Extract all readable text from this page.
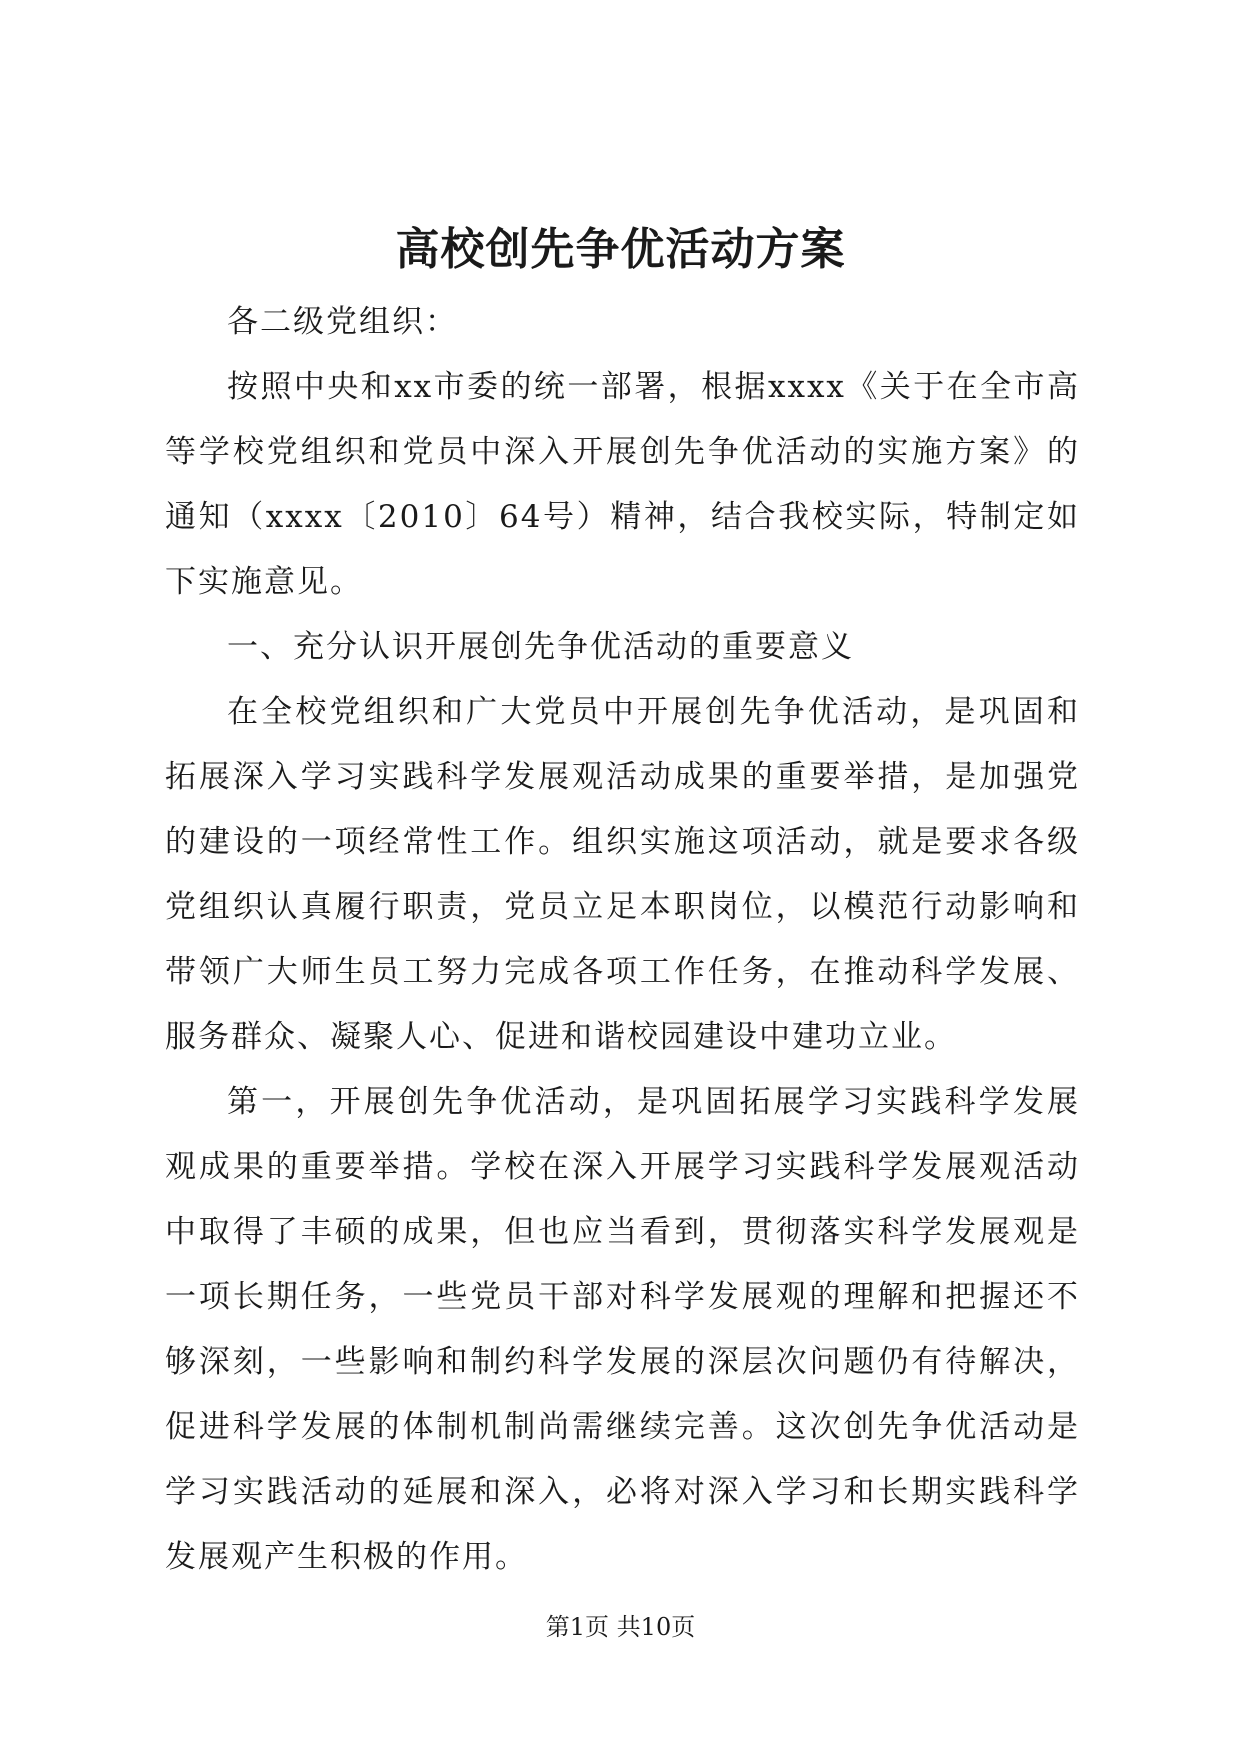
高校创先争优活动方案

各二级党组织：

按照中央和xx市委的统一部署，根据xxxx《关于在全市高等学校党组织和党员中深入开展创先争优活动的实施方案》的通知（xxxx〔2010〕64号）精神，结合我校实际，特制定如下实施意见。

一、充分认识开展创先争优活动的重要意义

在全校党组织和广大党员中开展创先争优活动，是巩固和拓展深入学习实践科学发展观活动成果的重要举措，是加强党的建设的一项经常性工作。组织实施这项活动，就是要求各级党组织认真履行职责，党员立足本职岗位，以模范行动影响和带领广大师生员工努力完成各项工作任务，在推动科学发展、服务群众、凝聚人心、促进和谐校园建设中建功立业。

第一，开展创先争优活动，是巩固拓展学习实践科学发展观成果的重要举措。学校在深入开展学习实践科学发展观活动中取得了丰硕的成果，但也应当看到，贯彻落实科学发展观是一项长期任务，一些党员干部对科学发展观的理解和把握还不够深刻，一些影响和制约科学发展的深层次问题仍有待解决，促进科学发展的体制机制尚需继续完善。这次创先争优活动是学习实践活动的延展和深入，必将对深入学习和长期实践科学发展观产生积极的作用。

第1页 共10页
